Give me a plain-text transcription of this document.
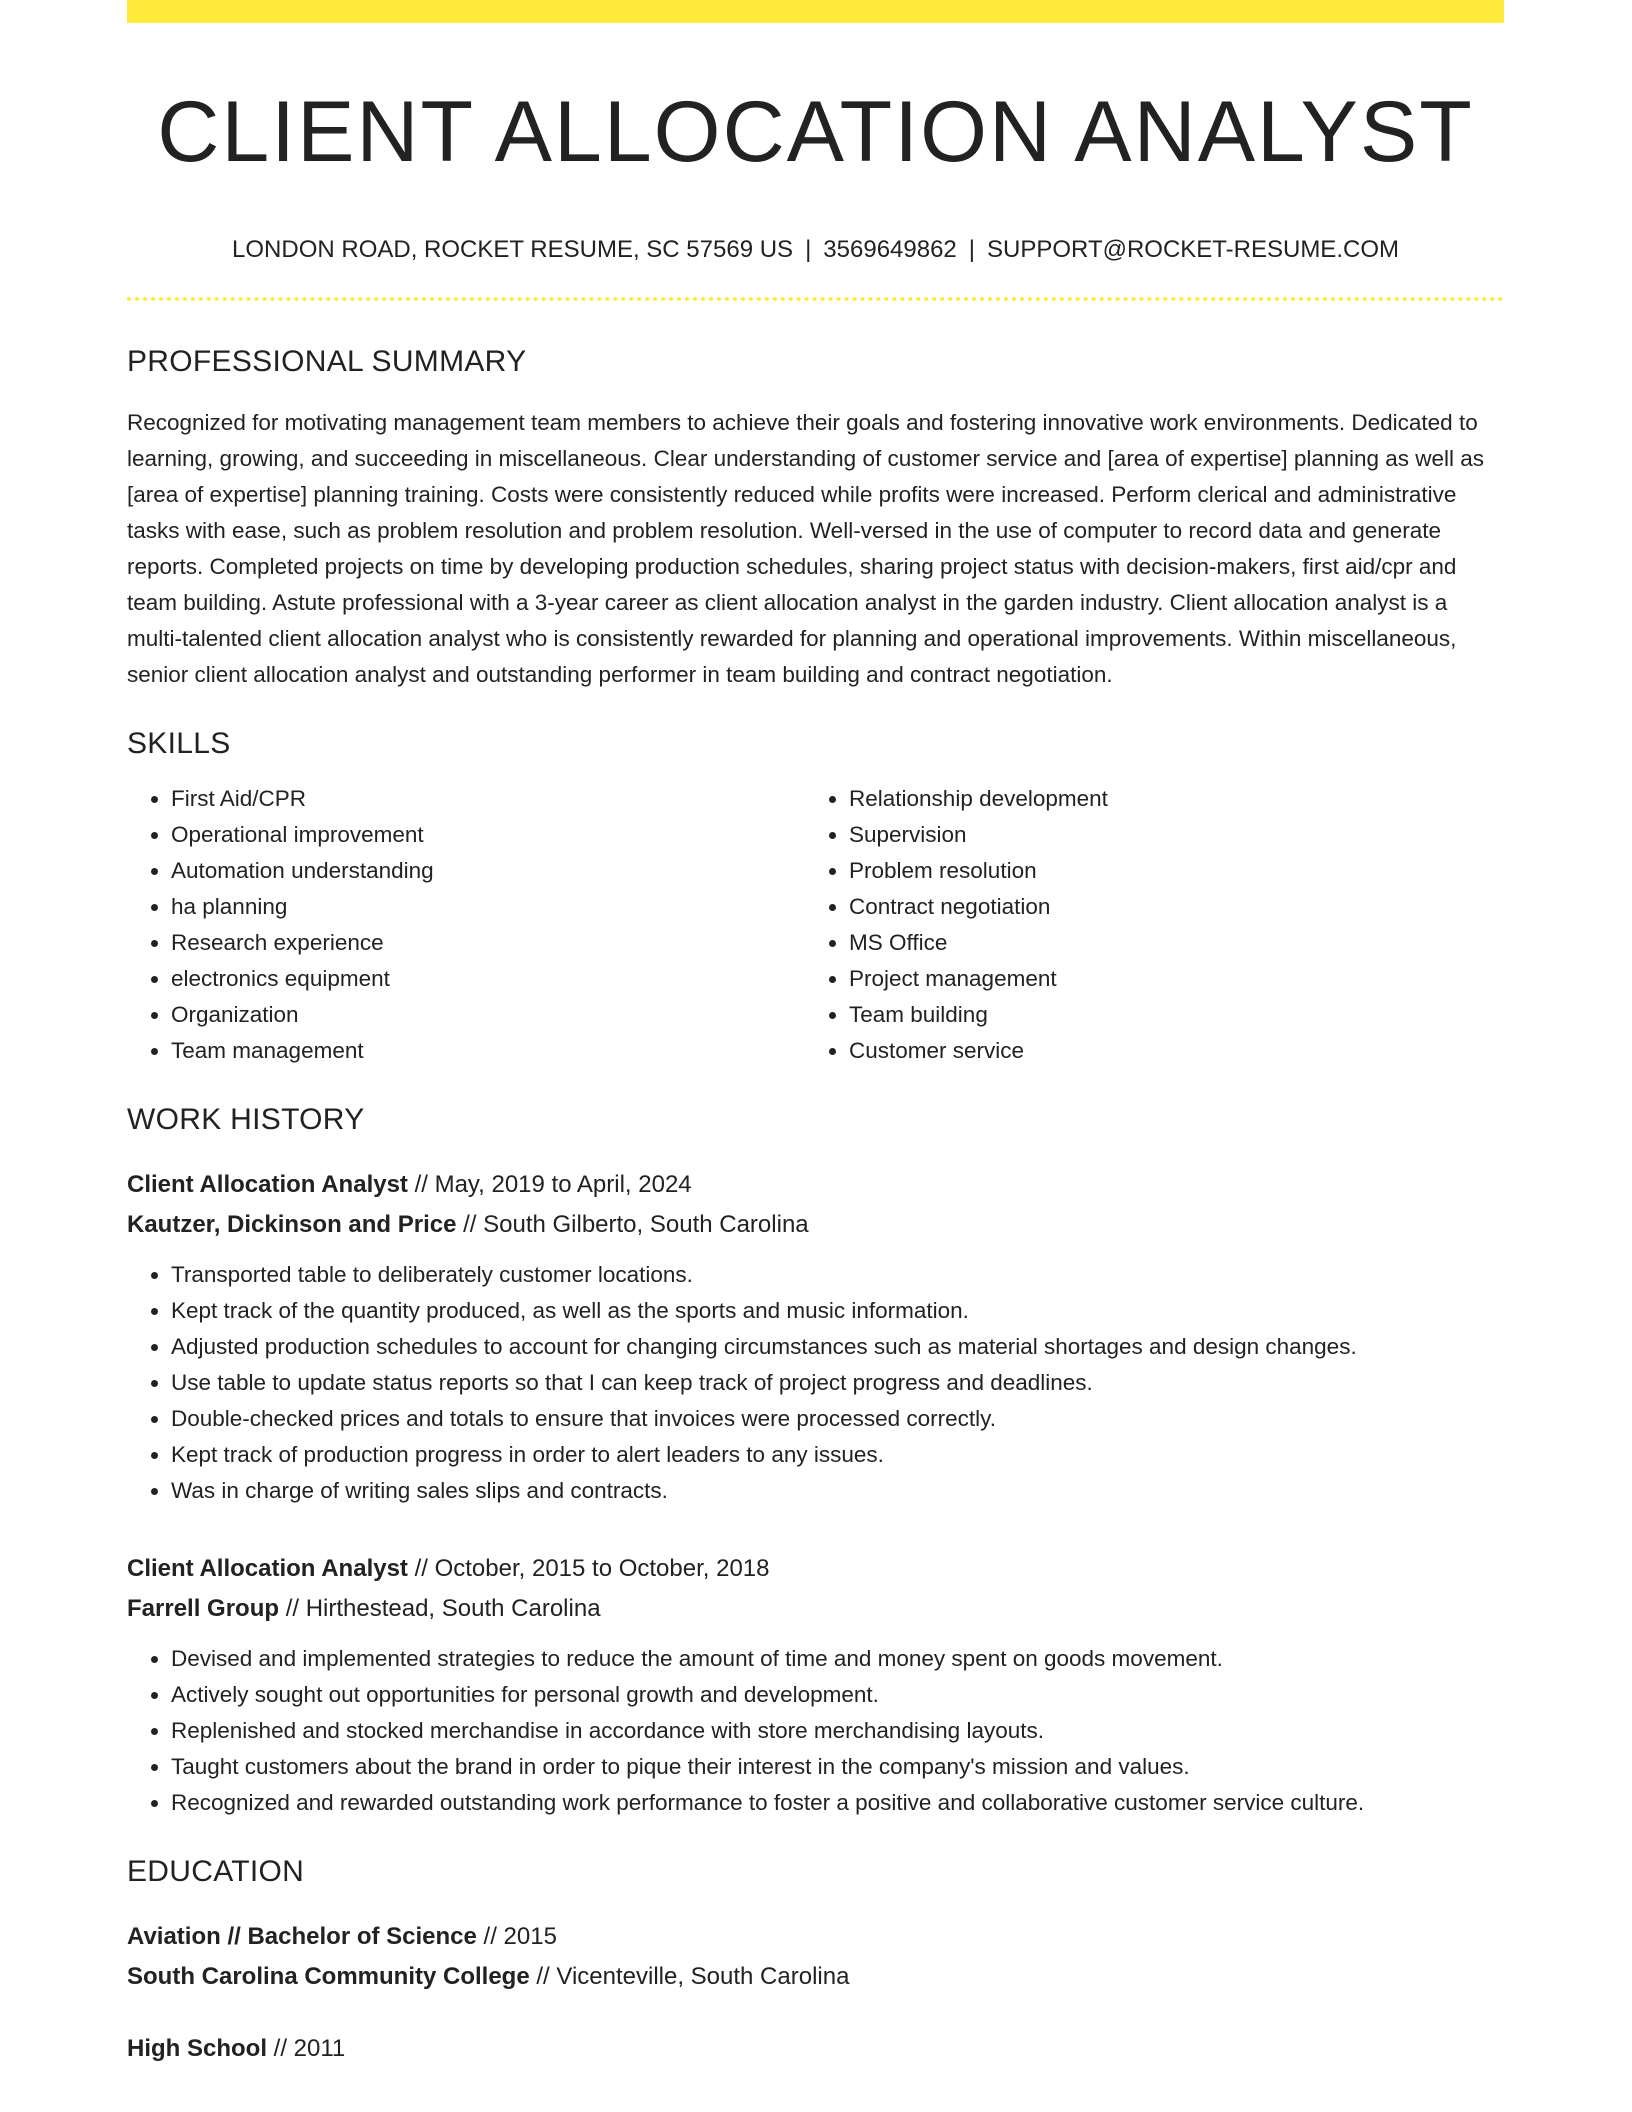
CLIENT ALLOCATION ANALYST
LONDON ROAD, ROCKET RESUME, SC 57569 US | 3569649862 | SUPPORT@ROCKET-RESUME.COM
PROFESSIONAL SUMMARY

Recognized for motivating management team members to achieve their goals and fostering innovative work environments. Dedicated to learning, growing, and succeeding in miscellaneous. Clear understanding of customer service and [area of expertise] planning as well as [area of expertise] planning training. Costs were consistently reduced while profits were increased. Perform clerical and administrative tasks with ease, such as problem resolution and problem resolution. Well-versed in the use of computer to record data and generate reports. Completed projects on time by developing production schedules, sharing project status with decision-makers, first aid/cpr and team building. Astute professional with a 3-year career as client allocation analyst in the garden industry. Client allocation analyst is a multi-talented client allocation analyst who is consistently rewarded for planning and operational improvements. Within miscellaneous, senior client allocation analyst and outstanding performer in team building and contract negotiation.

SKILLS
• First Aid/CPR
• Operational improvement
• Automation understanding
• ha planning
• Research experience
• electronics equipment
• Organization
• Team management
• Relationship development
• Supervision
• Problem resolution
• Contract negotiation
• MS Office
• Project management
• Team building
• Customer service
WORK HISTORY
Client Allocation Analyst // May, 2019 to April, 2024
Kautzer, Dickinson and Price // South Gilberto, South Carolina
• Transported table to deliberately customer locations.
• Kept track of the quantity produced, as well as the sports and music information.
• Adjusted production schedules to account for changing circumstances such as material shortages and design changes.
• Use table to update status reports so that I can keep track of project progress and deadlines.
• Double-checked prices and totals to ensure that invoices were processed correctly.
• Kept track of production progress in order to alert leaders to any issues.
• Was in charge of writing sales slips and contracts.
Client Allocation Analyst // October, 2015 to October, 2018
Farrell Group // Hirthestead, South Carolina
• Devised and implemented strategies to reduce the amount of time and money spent on goods movement.
• Actively sought out opportunities for personal growth and development.
• Replenished and stocked merchandise in accordance with store merchandising layouts.
• Taught customers about the brand in order to pique their interest in the company's mission and values.
• Recognized and rewarded outstanding work performance to foster a positive and collaborative customer service culture.
EDUCATION
Aviation // Bachelor of Science // 2015
South Carolina Community College // Vicenteville, South Carolina
High School // 2011
